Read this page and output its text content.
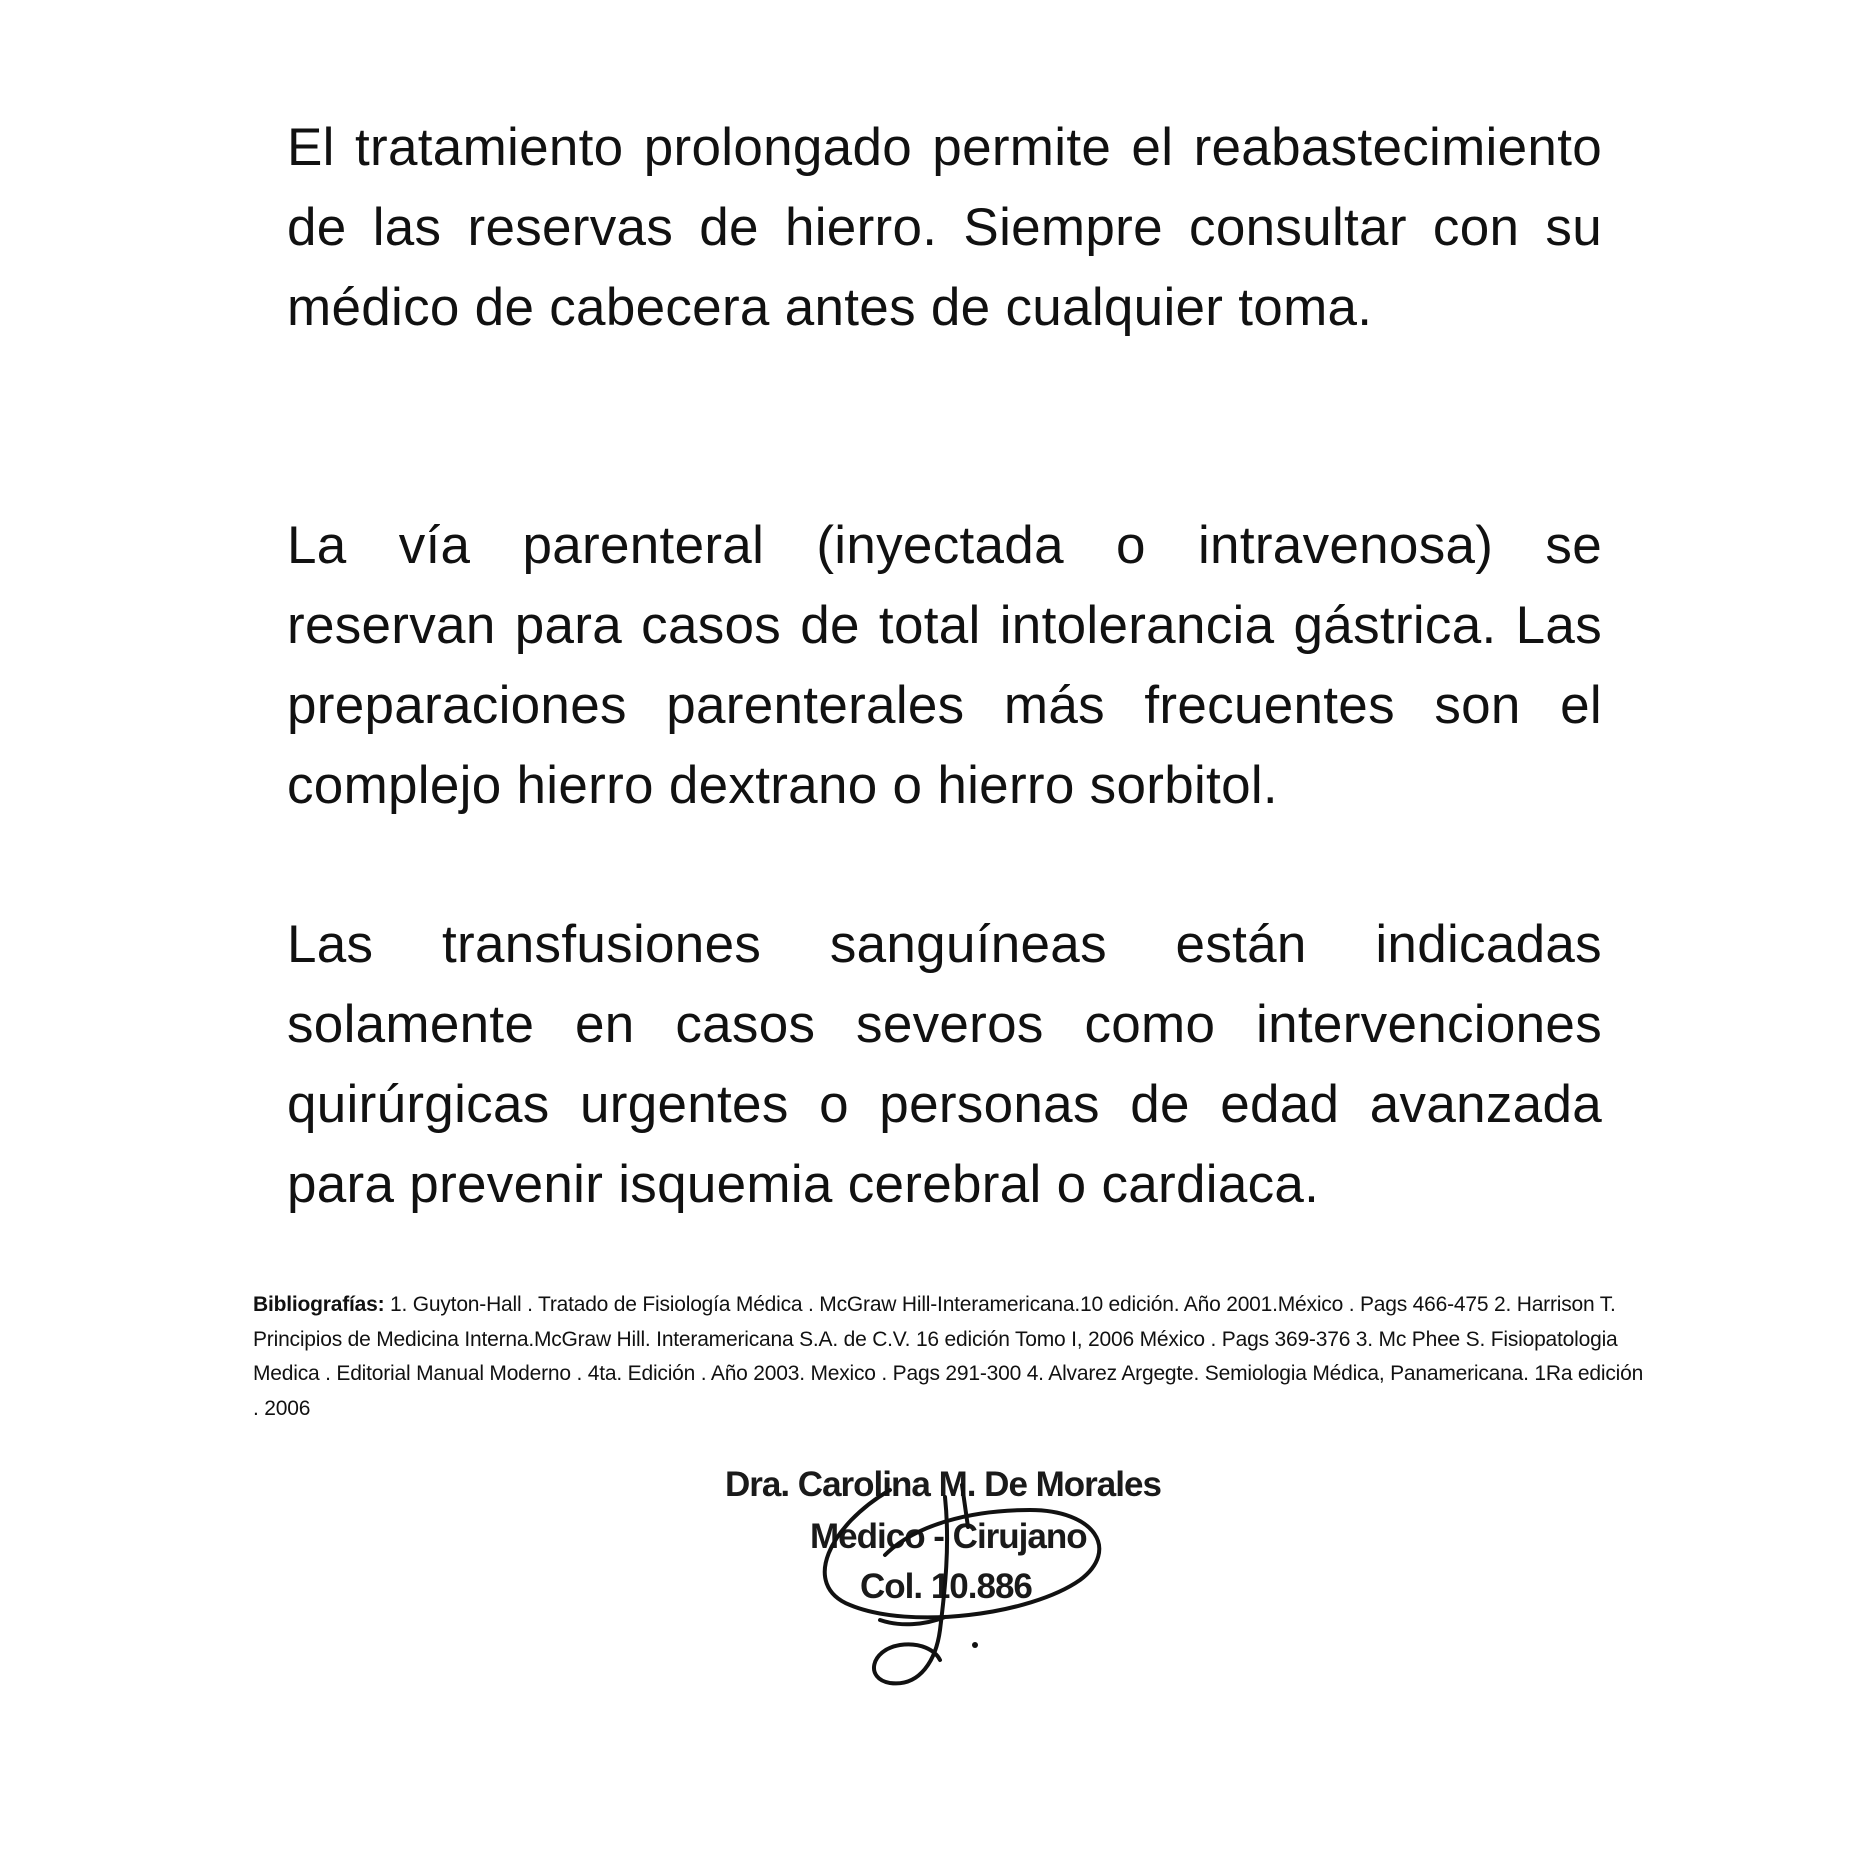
El tratamiento prolongado permite el reabastecimiento de las reservas de hierro. Siempre consultar con su médico de cabecera antes de cualquier toma.

La vía parenteral (inyectada o intravenosa) se reservan para casos de total intolerancia gástrica. Las preparaciones parenterales más frecuentes son el complejo hierro dextrano o hierro sorbitol.

Las transfusiones sanguíneas están indicadas solamente en casos severos como intervenciones quirúrgicas urgentes o personas de edad avanzada para prevenir isquemia cerebral o cardiaca.

Bibliografías: 1. Guyton-Hall . Tratado de Fisiología Médica . McGraw Hill-Interamericana.10 edición. Año 2001.México . Pags 466-475 2. Harrison T. Principios de Medicina Interna.McGraw Hill. Interamericana S.A. de C.V. 16 edición Tomo I, 2006 México . Pags 369-376 3. Mc Phee S. Fisiopatologia Medica . Editorial Manual Moderno . 4ta. Edición . Año 2003. Mexico . Pags 291-300 4. Alvarez Argegte. Semiologia Médica, Panamericana. 1Ra edición . 2006

Dra. Carolina M. De Morales
Medico - Cirujano
Col. 10.886
